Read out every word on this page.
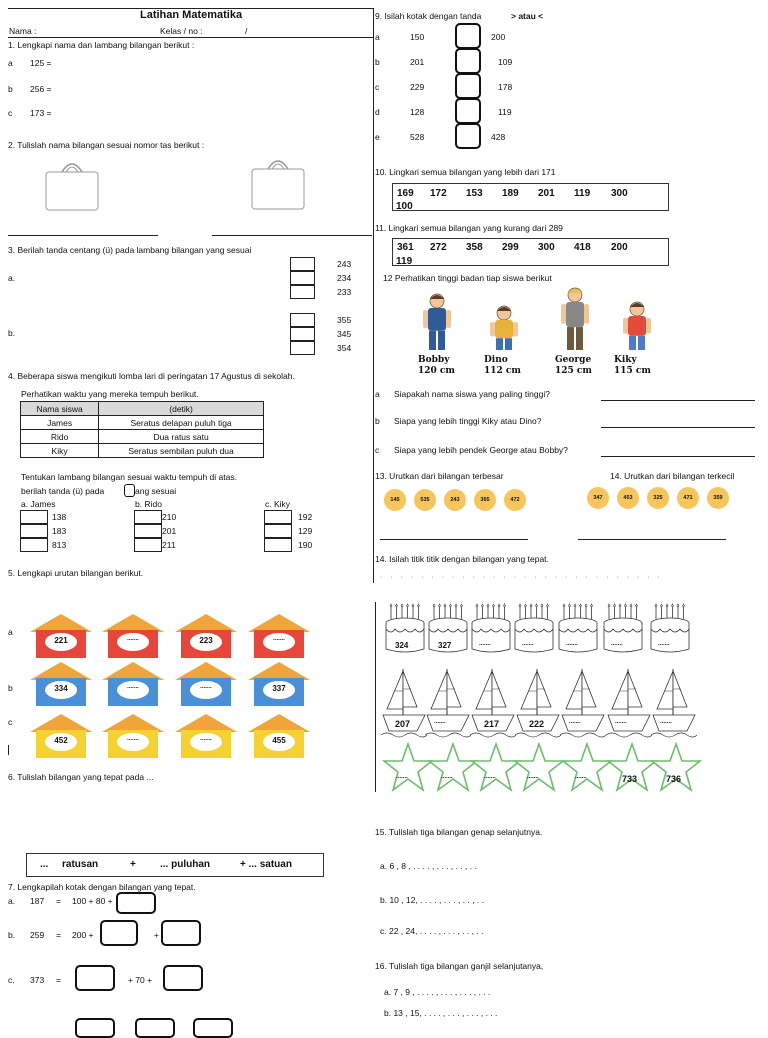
Latihan Matematika
Nama :	Kelas / no :	/
1. Lengkapi nama dan lambang bilangan berikut :
a 125 =
b 256 =
c 173 =
2. Tulislah nama bilangan sesuai nomor tas berikut :
3. Berilah tanda centang (ü) pada lambang bilangan yang sesuai
a.
243
234
233
b.
355
345
354
4. Beberapa siswa mengikuti lomba lari di peringatan 17 Agustus di sekolah.
Perhatikan waktu yang mereka tempuh berikut.
Nama siswa	(detik)
James	Seratus delapan puluh tiga
Rido	Dua ratus satu
Kiky	Seratus sembilan puluh dua
Tentukan lambang bilangan sesuai waktu tempuh di atas.
berilah tanda (ü) pada	ang sesuai
a. James	b. Rido	c. Kiky
138
183
813
210
201
211
192
129
190
5. Lengkapi urutan bilangan berikut.
a
b
c
221	.......	223	.......
334	.......	.......	337
452	.......	.......	455
6. Tulislah bilangan yang tepat pada ...
... ratusan	+ ... puluhan	+ ... satuan
7. Lengkapilah kotak dengan bilangan yang tepat.
a. 187 = 100 + 80 +
b. 259 = 200 +	+
c. 373 =	+ 70 +
9. Isilah kotak dengan tanda	> atau <
a	150	200
b	201	109
c	229	178
d	128	119
e	528	428
10. Lingkari semua bilangan yang lebih dari 171
169 172 153 189 201 119 300
100
11. Lingkari semua bilangan yang kurang dari 289
361 272 358 299 300 418 200
119
12 Perhatikan tinggi badan tiap siswa berikut
Bobby
120 cm
Dino
112 cm
George
125 cm
Kiky
115 cm
a Siapakah nama siswa yang paling tinggi?
b Siapa yang lebih tinggi Kiky atau Dino?
c Siapa yang lebih pendek George atau Bobby?
13. Urutkan dari bilangan terbesar	14. Urutkan dari bilangan terkecil
145	535	243	365	472	347	453	325	471	359
14. Isilah titik titik dengan bilangan yang tepat.
· · · · · · · · · · · · · · · · · · · · · · · · · · · ·
324	327	.......	.......	.......	.......	.......
207	.......	217	222	.......	.......	.......
.......	.......	.......	.......	.......	733	736
15. Tulislah tiga bilangan genap selanjutnya.
a. 6 , 8 , . . . . , . . . , . . , . .
b. 10 , 12, . . . . , . . . , . . , . .
c. 22 , 24, . . . . , . . . , . . , . .
16. Tulislah tiga bilangan ganjil selanjutanya,
a. 7 , 9 , . . . . , . . . , . . . , . . .
b. 13 , 15, . . . . , . . . , . . . , . . .
